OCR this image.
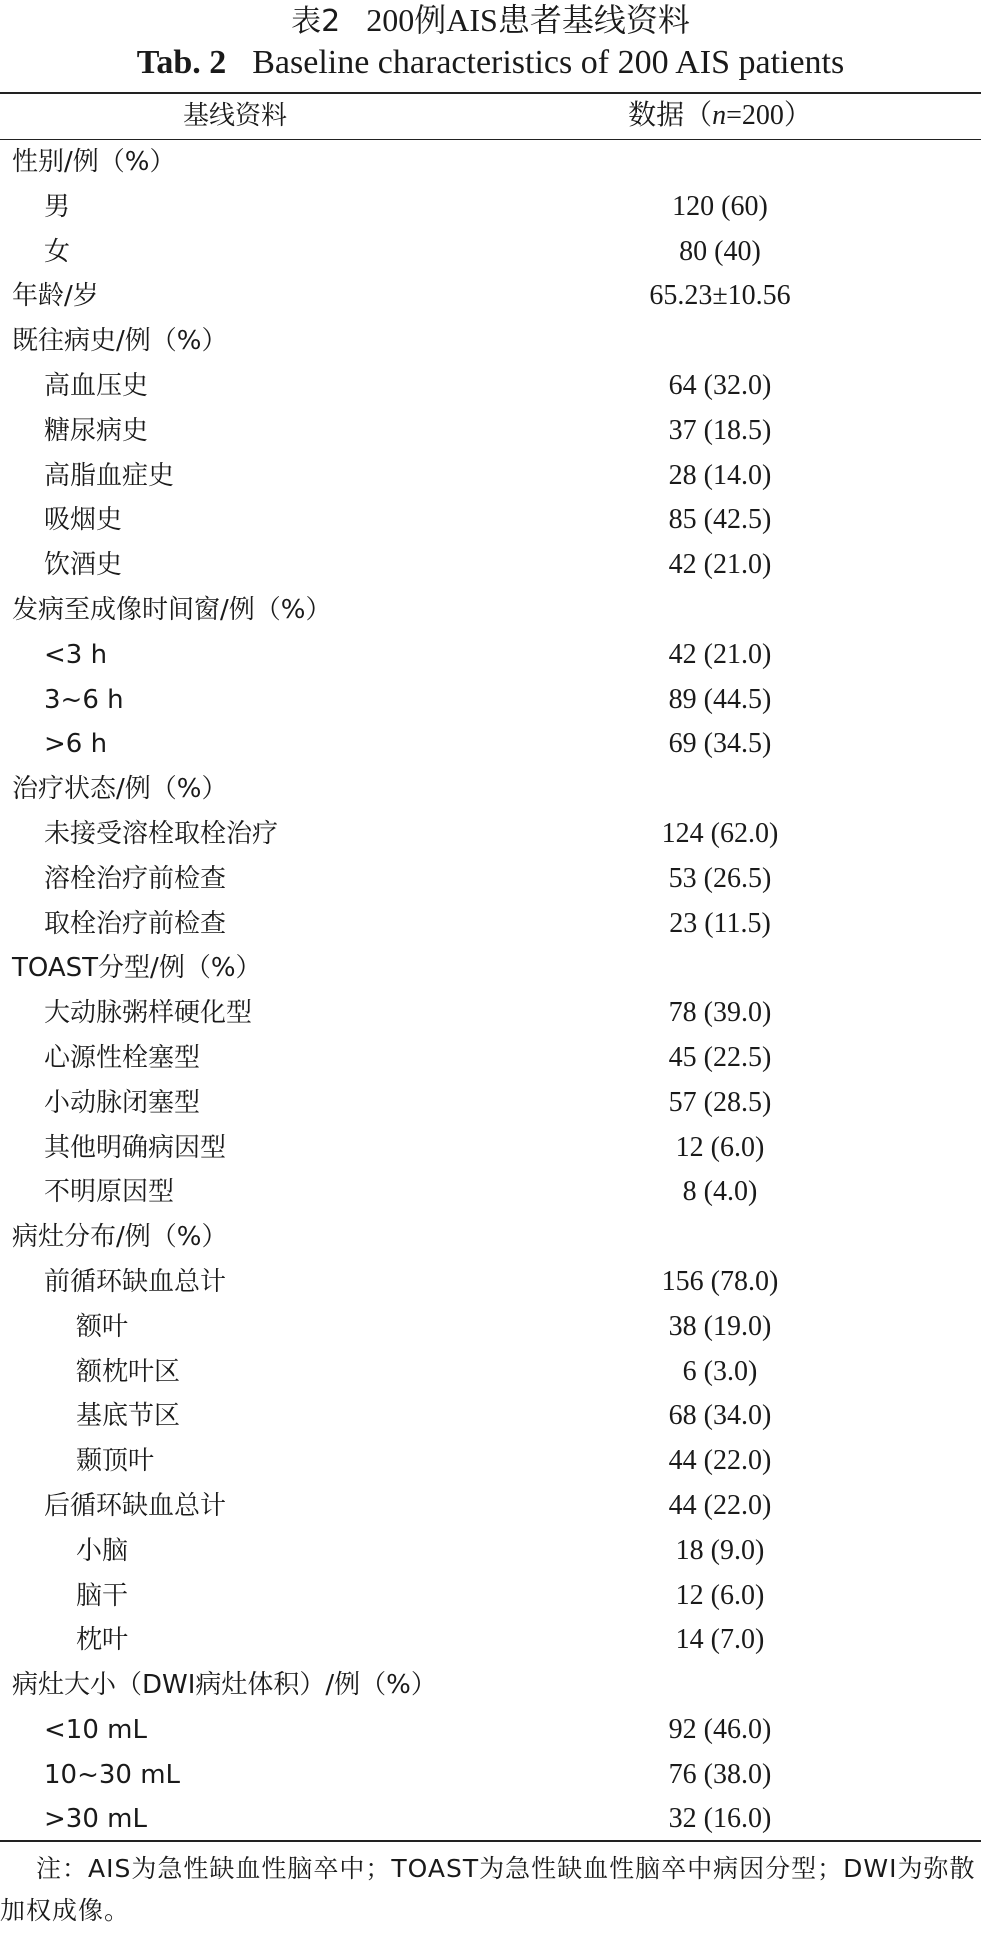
表2 200例AIS患者基线资料
Tab. 2 Baseline characteristics of 200 AIS patients
基线资料	数据（n=200）
性别/例（%）
男	120 (60)
女	80 (40)
年龄/岁	65.23±10.56
既往病史/例（%）
高血压史	64 (32.0)
糖尿病史	37 (18.5)
高脂血症史	28 (14.0)
吸烟史	85 (42.5)
饮酒史	42 (21.0)
发病至成像时间窗/例（%）
<3 h	42 (21.0)
3~6 h	89 (44.5)
>6 h	69 (34.5)
治疗状态/例（%）
未接受溶栓取栓治疗	124 (62.0)
溶栓治疗前检查	53 (26.5)
取栓治疗前检查	23 (11.5)
TOAST分型/例（%）
大动脉粥样硬化型	78 (39.0)
心源性栓塞型	45 (22.5)
小动脉闭塞型	57 (28.5)
其他明确病因型	12 (6.0)
不明原因型	8 (4.0)
病灶分布/例（%）
前循环缺血总计	156 (78.0)
额叶	38 (19.0)
额枕叶区	6 (3.0)
基底节区	68 (34.0)
颞顶叶	44 (22.0)
后循环缺血总计	44 (22.0)
小脑	18 (9.0)
脑干	12 (6.0)
枕叶	14 (7.0)
病灶大小（DWI病灶体积）/例（%）
<10 mL	92 (46.0)
10~30 mL	76 (38.0)
>30 mL	32 (16.0)
注：AIS为急性缺血性脑卒中；TOAST为急性缺血性脑卒中病因分型；DWI为弥散加权成像。
